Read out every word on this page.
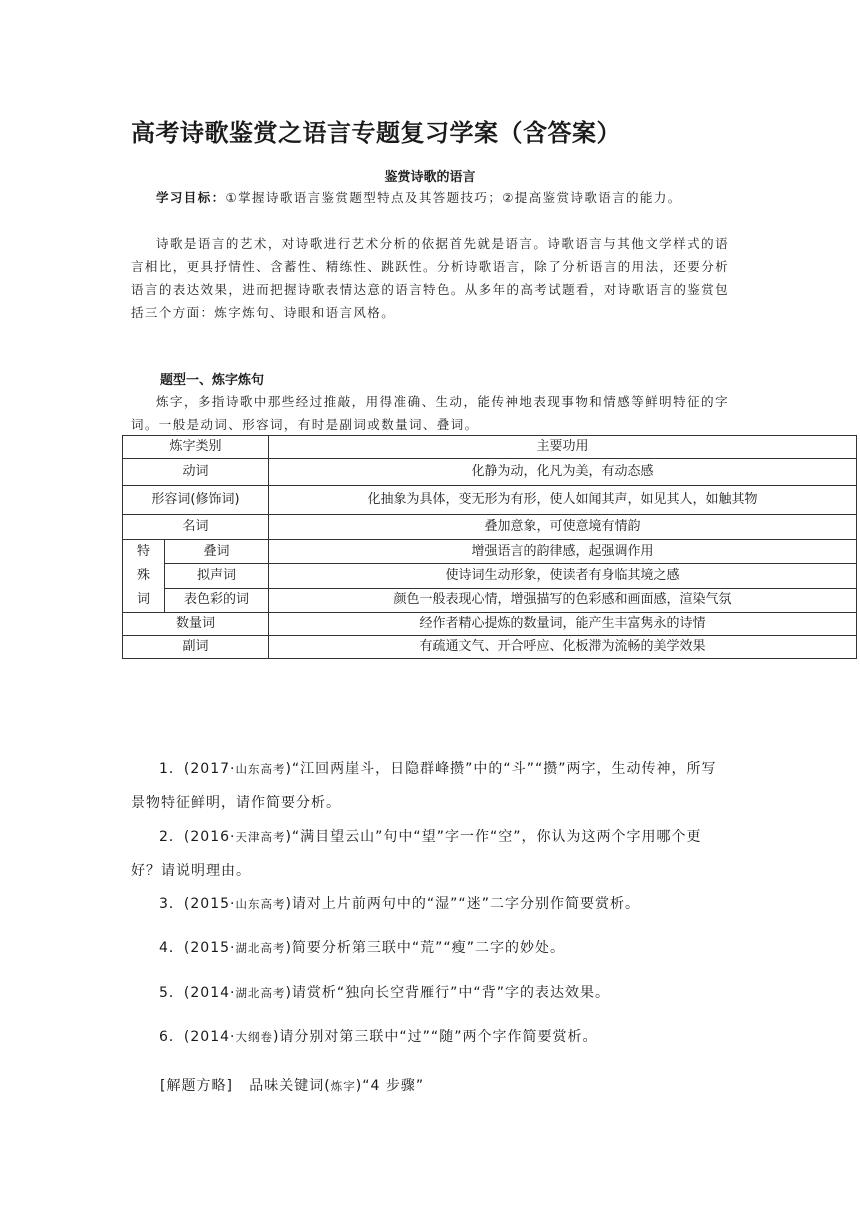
高考诗歌鉴赏之语言专题复习学案（含答案）
鉴赏诗歌的语言
学习目标：①掌握诗歌语言鉴赏题型特点及其答题技巧；②提高鉴赏诗歌语言的能力。
诗歌是语言的艺术，对诗歌进行艺术分析的依据首先就是语言。诗歌语言与其他文学样式的语言相比，更具抒情性、含蓄性、精练性、跳跃性。分析诗歌语言，除了分析语言的用法，还要分析语言的表达效果，进而把握诗歌表情达意的语言特色。从多年的高考试题看，对诗歌语言的鉴赏包括三个方面：炼字炼句、诗眼和语言风格。
题型一、炼字炼句
炼字，多指诗歌中那些经过推敲，用得准确、生动，能传神地表现事物和情感等鲜明特征的字词。一般是动词、形容词，有时是副词或数量词、叠词。
炼字类别		主要功用
动词		化静为动，化凡为美，有动态感
形容词(修饰词)		化抽象为具体，变无形为有形，使人如闻其声，如见其人，如触其物
名词		叠加意象，可使意境有情韵
特殊词	叠词	增强语言的韵律感，起强调作用
	拟声词	使诗词生动形象，使读者有身临其境之感
	表色彩的词	颜色一般表现心情，增强描写的色彩感和画面感，渲染气氛
数量词		经作者精心提炼的数量词，能产生丰富隽永的诗情
副词		有疏通文气、开合呼应、化板滞为流畅的美学效果
1．(2017·山东高考)“江回两崖斗，日隐群峰攒”中的“斗”“攒”两字，生动传神，所写景物特征鲜明，请作简要分析。
2．(2016·天津高考)“满目望云山”句中“望”字一作“空”，你认为这两个字用哪个更好？请说明理由。
3．(2015·山东高考)请对上片前两句中的“湿”“迷”二字分别作简要赏析。
4．(2015·湖北高考)简要分析第三联中“荒”“瘦”二字的妙处。
5．(2014·湖北高考)请赏析“独向长空背雁行”中“背”字的表达效果。
6．(2014·大纲卷)请分别对第三联中“过”“随”两个字作简要赏析。
[解题方略] 品味关键词(炼字)“4 步骤”
